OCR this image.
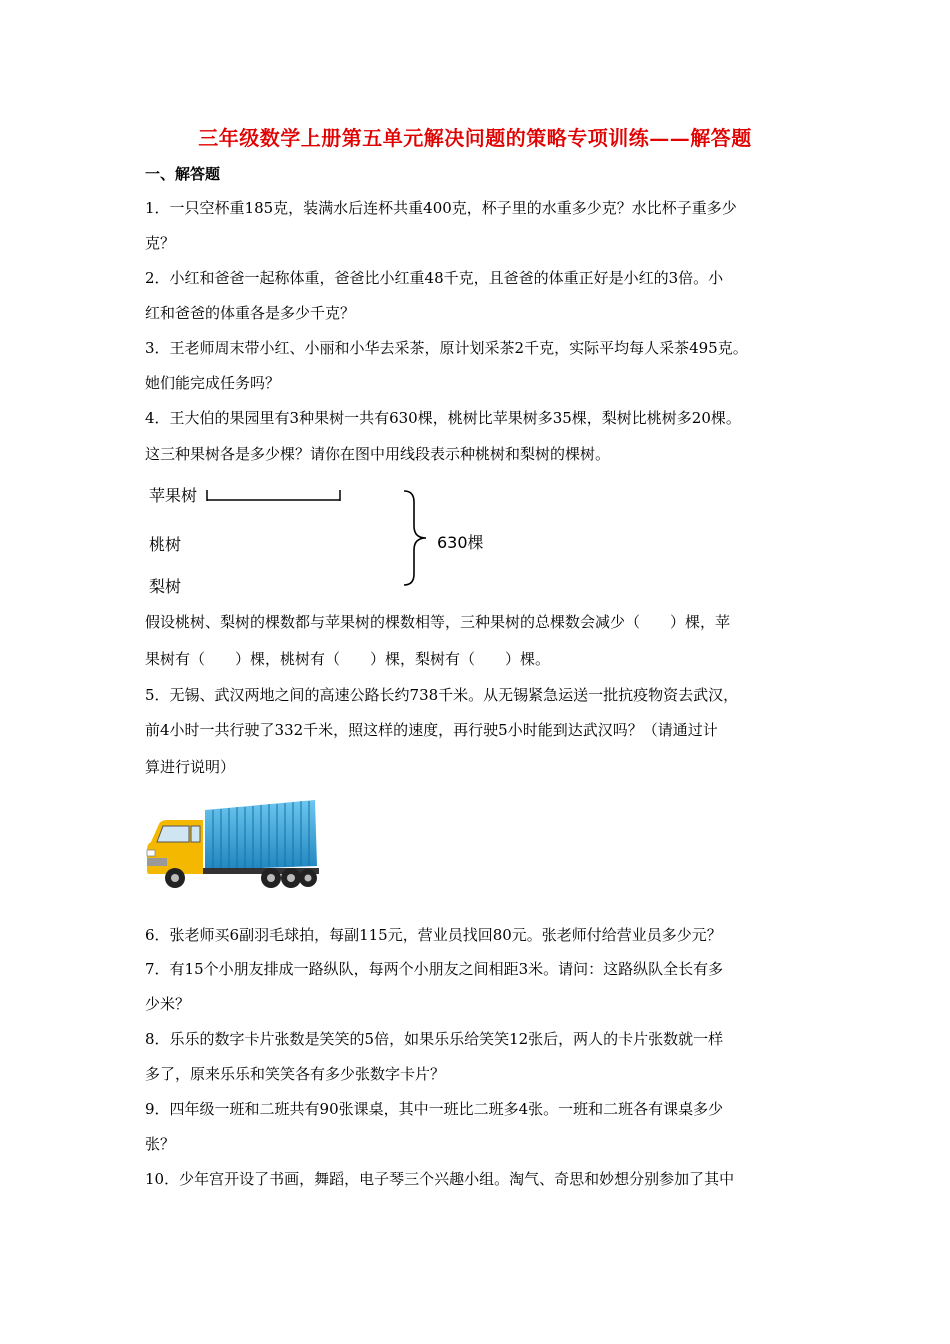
三年级数学上册第五单元解决问题的策略专项训练——解答题
一、解答题
1．一只空杯重185克，装满水后连杯共重400克，杯子里的水重多少克？水比杯子重多少
克？
2．小红和爸爸一起称体重，爸爸比小红重48千克，且爸爸的体重正好是小红的3倍。小
红和爸爸的体重各是多少千克？
3．王老师周末带小红、小丽和小华去采茶，原计划采茶2千克，实际平均每人采茶495克。
她们能完成任务吗？
4．王大伯的果园里有3种果树一共有630棵，桃树比苹果树多35棵，梨树比桃树多20棵。
这三种果树各是多少棵？请你在图中用线段表示种桃树和梨树的棵树。
苹果树
桃树
梨树
630棵
假设桃树、梨树的棵数都与苹果树的棵数相等，三种果树的总棵数会减少（　　）棵，苹
果树有（　　）棵，桃树有（　　）棵，梨树有（　　）棵。
5．无锡、武汉两地之间的高速公路长约738千米。从无锡紧急运送一批抗疫物资去武汉，
前4小时一共行驶了332千米，照这样的速度，再行驶5小时能到达武汉吗？（请通过计
算进行说明）
6．张老师买6副羽毛球拍，每副115元，营业员找回80元。张老师付给营业员多少元？
7．有15个小朋友排成一路纵队，每两个小朋友之间相距3米。请问：这路纵队全长有多
少米？
8．乐乐的数字卡片张数是笑笑的5倍，如果乐乐给笑笑12张后，两人的卡片张数就一样
多了，原来乐乐和笑笑各有多少张数字卡片？
9．四年级一班和二班共有90张课桌，其中一班比二班多4张。一班和二班各有课桌多少
张？
10．少年宫开设了书画，舞蹈，电子琴三个兴趣小组。淘气、奇思和妙想分别参加了其中
